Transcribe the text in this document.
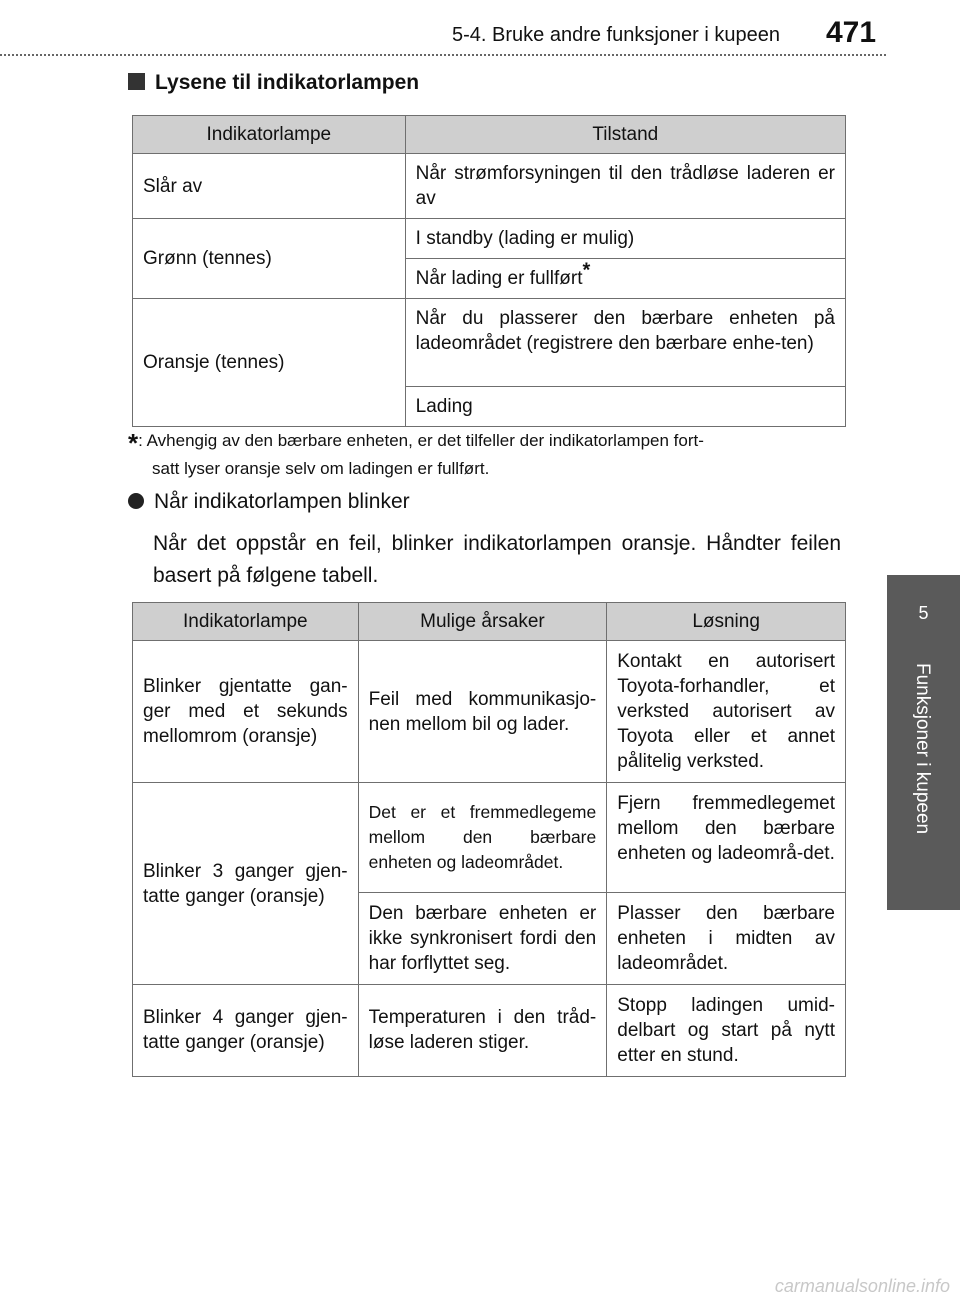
5-4. Bruke andre funksjoner i kupeen 471
5
Funksjoner i kupeen
Lysene til indikatorlampen
Indikatorlampe	Tilstand
Slår av	Når strømforsyningen til den trådløse laderen er av
Grønn (tennes)	I standby (lading er mulig)
	Når lading er fullført*
Oransje (tennes)	Når du plasserer den bærbare enheten på ladeområdet (registrere den bærbare enhe-ten)
	Lading
*: Avhengig av den bærbare enheten, er det tilfeller der indikatorlampen fort-
satt lyser oransje selv om ladingen er fullført.
Når indikatorlampen blinker
Når det oppstår en feil, blinker indikatorlampen oransje. Håndter feilen basert på følgene tabell.
Indikatorlampe	Mulige årsaker	Løsning
Blinker gjentatte gan-ger med et sekunds mellomrom (oransje)	Feil med kommunikasjo-nen mellom bil og lader.	Kontakt en autorisert Toyota-forhandler, et verksted autorisert av Toyota eller et annet pålitelig verksted.
Blinker 3 ganger gjen-tatte ganger (oransje)	Det er et fremmedlegeme mellom den bærbare enheten og ladeområdet.	Fjern fremmedlegemet mellom den bærbare enheten og ladeområ-det.
	Den bærbare enheten er ikke synkronisert fordi den har forflyttet seg.	Plasser den bærbare enheten i midten av ladeområdet.
Blinker 4 ganger gjen-tatte ganger (oransje)	Temperaturen i den tråd-løse laderen stiger.	Stopp ladingen umid-delbart og start på nytt etter en stund.
carmanualsonline.info
